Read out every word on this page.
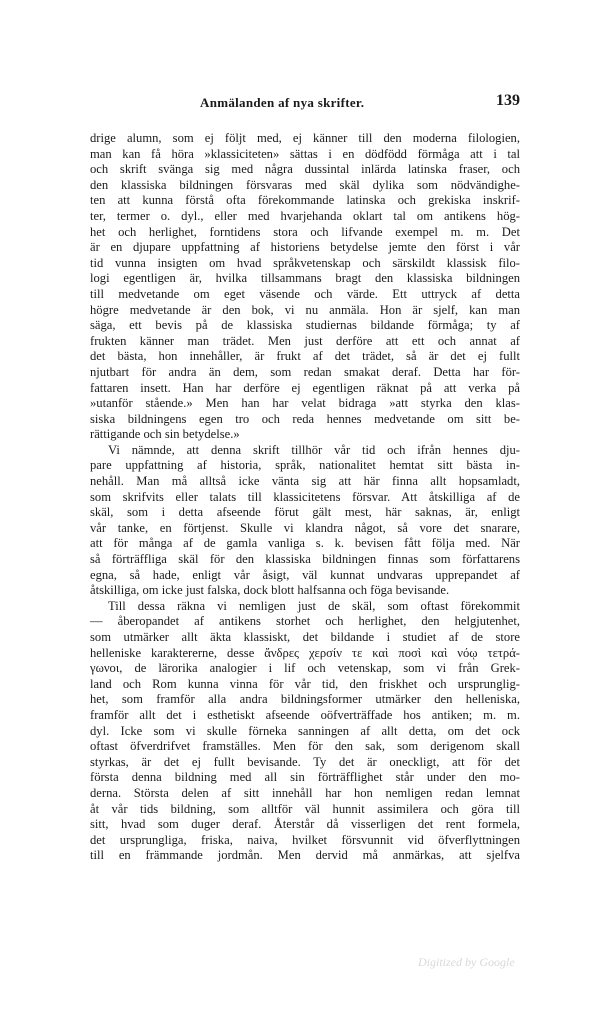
Anmälanden af nya skrifter.	139
drige alumn, som ej följt med, ej känner till den moderna filologien,
man kan få höra »klassiciteten» sättas i en dödfödd förmåga att i tal
och skrift svänga sig med några dussintal inlärda latinska fraser, och
den klassiska bildningen försvaras med skäl dylika som nödvändighe-
ten att kunna förstå ofta förekommande latinska och grekiska inskrif-
ter, termer o. dyl., eller med hvarjehanda oklart tal om antikens hög-
het och herlighet, forntidens stora och lifvande exempel m. m. Det
är en djupare uppfattning af historiens betydelse jemte den först i vår
tid vunna insigten om hvad språkvetenskap och särskildt klassisk filo-
logi egentligen är, hvilka tillsammans bragt den klassiska bildningen
till medvetande om eget väsende och värde. Ett uttryck af detta
högre medvetande är den bok, vi nu anmäla. Hon är sjelf, kan man
säga, ett bevis på de klassiska studiernas bildande förmåga; ty af
frukten känner man trädet. Men just derföre att ett och annat af
det bästa, hon innehåller, är frukt af det trädet, så är det ej fullt
njutbart för andra än dem, som redan smakat deraf. Detta har för-
fattaren insett. Han har derföre ej egentligen räknat på att verka på
»utanför stående.» Men han har velat bidraga »att styrka den klas-
siska bildningens egen tro och reda hennes medvetande om sitt be-
rättigande och sin betydelse.»
Vi nämnde, att denna skrift tillhör vår tid och ifrån hennes dju-
pare uppfattning af historia, språk, nationalitet hemtat sitt bästa in-
nehåll. Man må alltså icke vänta sig att här finna allt hopsamladt,
som skrifvits eller talats till klassicitetens försvar. Att åtskilliga af de
skäl, som i detta afseende förut gält mest, här saknas, är, enligt
vår tanke, en förtjenst. Skulle vi klandra något, så vore det snarare,
att för många af de gamla vanliga s. k. bevisen fått följa med. När
så förträffliga skäl för den klassiska bildningen finnas som författarens
egna, så hade, enligt vår åsigt, väl kunnat undvaras upprepandet af
åtskilliga, om icke just falska, dock blott halfsanna och föga bevisande.
Till dessa räkna vi nemligen just de skäl, som oftast förekommit
— åberopandet af antikens storhet och herlighet, den helgjutenhet,
som utmärker allt äkta klassiskt, det bildande i studiet af de store
helleniske karaktererne, desse ἄνδρες χερσίν τε καὶ ποσὶ καὶ νόῳ τετρά-
γωνοι, de lärorika analogier i lif och vetenskap, som vi från Grek-
land och Rom kunna vinna för vår tid, den friskhet och ursprunglig-
het, som framför alla andra bildningsformer utmärker den helleniska,
framför allt det i esthetiskt afseende oöfverträffade hos antiken; m. m.
dyl. Icke som vi skulle förneka sanningen af allt detta, om det ock
oftast öfverdrifvet framställes. Men för den sak, som derigenom skall
styrkas, är det ej fullt bevisande. Ty det är oneckligt, att för det
första denna bildning med all sin förträfflighet står under den mo-
derna. Största delen af sitt innehåll har hon nemligen redan lemnat
åt vår tids bildning, som alltför väl hunnit assimilera och göra till
sitt, hvad som duger deraf. Återstår då visserligen det rent formela,
det ursprungliga, friska, naiva, hvilket försvunnit vid öfverflyttningen
till en främmande jordmån. Men dervid må anmärkas, att sjelfva
Digitized by Google
